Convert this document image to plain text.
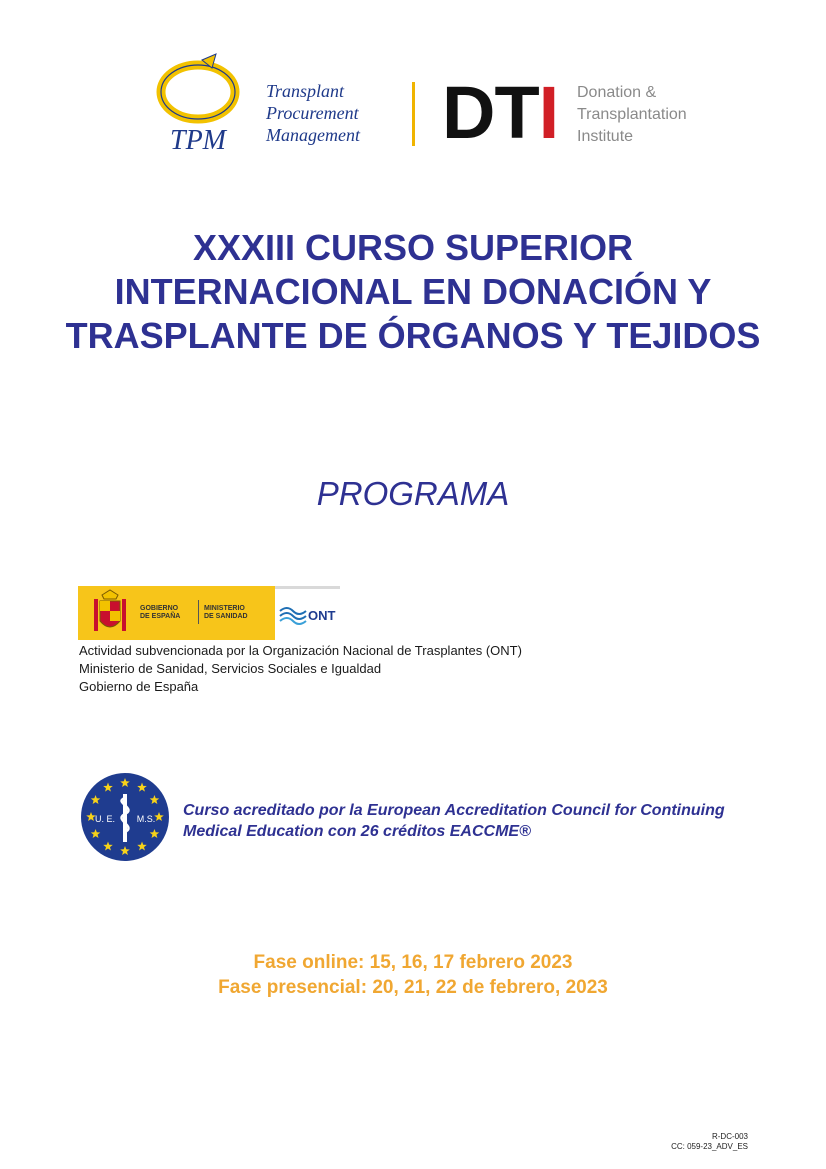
TPM
Transplant
Procurement
Management DTI Donation &
Transplantation
Institute
XXXIII CURSO SUPERIOR INTERNACIONAL EN DONACIÓN Y TRASPLANTE DE ÓRGANOS Y TEJIDOS
PROGRAMA
GOBIERNO
DE ESPAÑA
MINISTERIO
DE SANIDAD	ONT
Actividad subvencionada por la Organización Nacional de Trasplantes (ONT)
Ministerio de Sanidad, Servicios Sociales e Igualdad
Gobierno de España
U. E. M.S. Curso acreditado por la European Accreditation Council for Continuing
Medical Education con 26 créditos EACCME®
Fase online: 15, 16, 17 febrero 2023
Fase presencial: 20, 21, 22 de febrero, 2023
R-DC-003
CC: 059-23_ADV_ES
